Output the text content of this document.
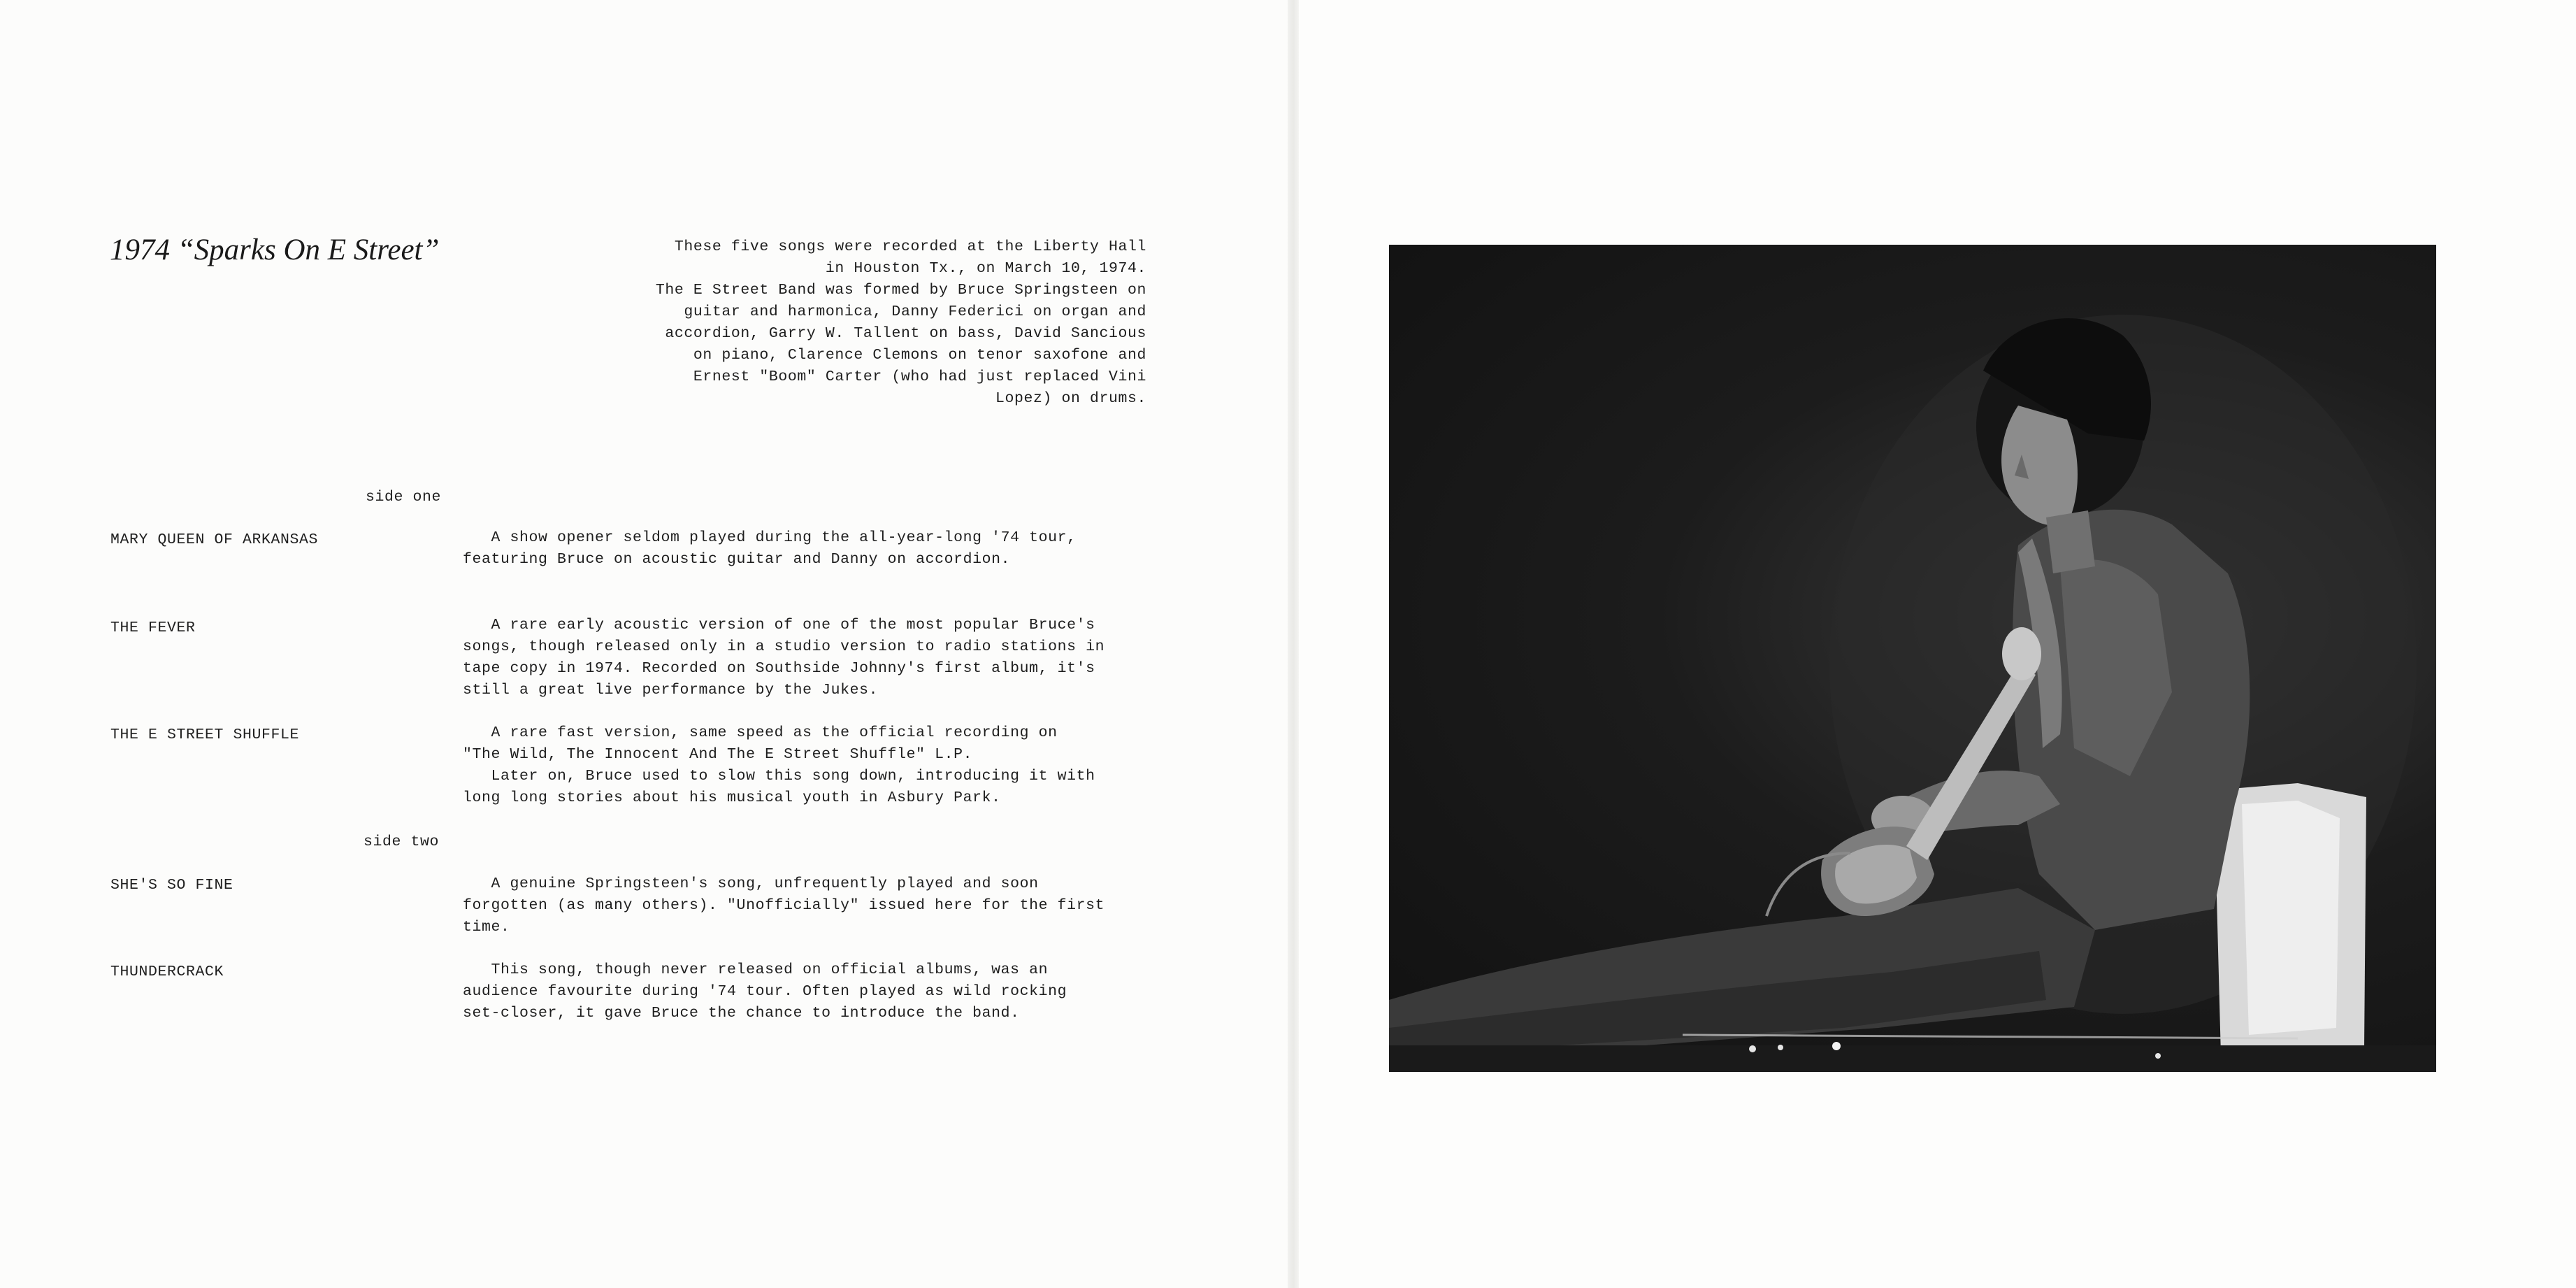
1974 “Sparks On E Street”	These five songs were recorded at the Liberty Hall
in Houston Tx., on March 10, 1974.
The E Street Band was formed by Bruce Springsteen on
guitar and harmonica, Danny Federici on organ and
accordion, Garry W. Tallent on bass, David Sancious
on piano, Clarence Clemons on tenor saxofone and
Ernest "Boom" Carter (who had just replaced Vini
Lopez) on drums.
side one
MARY QUEEN OF ARKANSAS	A show opener seldom played during the all-year-long '74 tour,
featuring Bruce on acoustic guitar and Danny on accordion.
THE FEVER	A rare early acoustic version of one of the most popular Bruce's
songs, though released only in a studio version to radio stations in
tape copy in 1974. Recorded on Southside Johnny's first album, it's
still a great live performance by the Jukes.
THE E STREET SHUFFLE	A rare fast version, same speed as the official recording on
"The Wild, The Innocent And The E Street Shuffle" L.P.
Later on, Bruce used to slow this song down, introducing it with
long long stories about his musical youth in Asbury Park.
side two
SHE'S SO FINE	A genuine Springsteen's song, unfrequently played and soon
forgotten (as many others). "Unofficially" issued here for the first
time.
THUNDERCRACK	This song, though never released on official albums, was an
audience favourite during '74 tour. Often played as wild rocking
set-closer, it gave Bruce the chance to introduce the band.
